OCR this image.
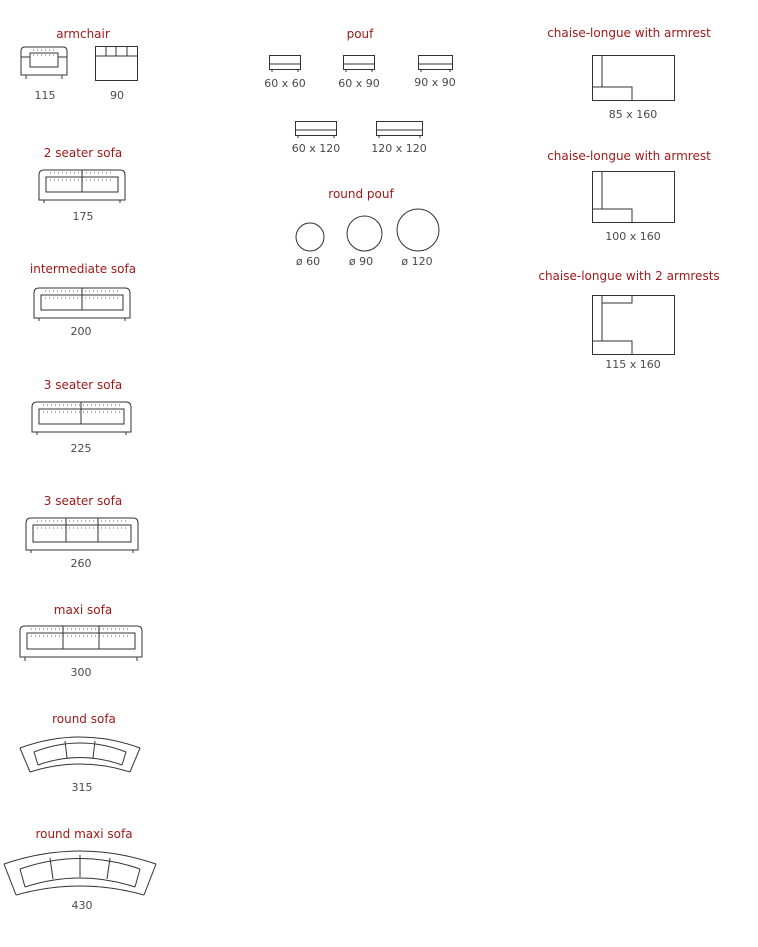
armchair
115	90
2 seater sofa
175
intermediate sofa
200
3 seater sofa
225
3 seater sofa
260
maxi sofa
300
round sofa
315
round maxi sofa
430
pouf
60 x 60	60 x 90	90 x 90
60 x 120	120 x 120
round pouf
ø 60	ø 90	ø 120
chaise-longue with armrest
85 x 160
chaise-longue with armrest
100 x 160
chaise-longue with 2 armrests
115 x 160
